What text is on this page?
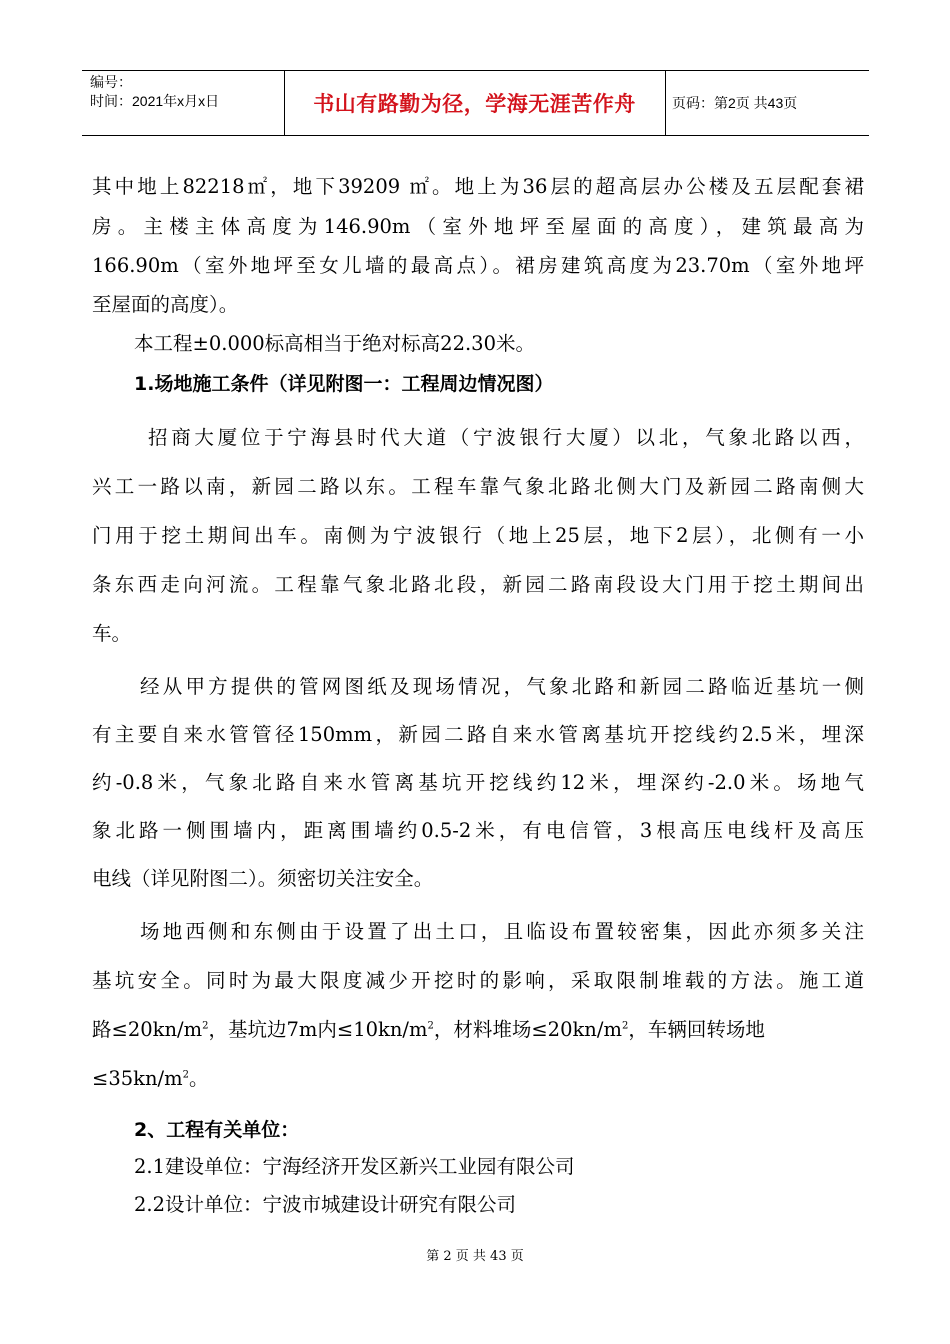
编号：
时间：2021年x月x日	书山有路勤为径，学海无涯苦作舟	页码：第2页 共43页
其中地上82218㎡，地下39209 ㎡。地上为36层的超高层办公楼及五层配套裙
房。主楼主体高度为146.90m（室外地坪至屋面的高度），建筑最高为
166.90m（室外地坪至女儿墙的最高点）。裙房建筑高度为23.70m（室外地坪
至屋面的高度）。
本工程±0.000标高相当于绝对标高22.30米。
1.场地施工条件（详见附图一：工程周边情况图）
招商大厦位于宁海县时代大道（宁波银行大厦）以北，气象北路以西，
兴工一路以南，新园二路以东。工程车靠气象北路北侧大门及新园二路南侧大
门用于挖土期间出车。南侧为宁波银行（地上25层，地下2层），北侧有一小
条东西走向河流。工程靠气象北路北段，新园二路南段设大门用于挖土期间出
车。
经从甲方提供的管网图纸及现场情况，气象北路和新园二路临近基坑一侧
有主要自来水管管径150mm，新园二路自来水管离基坑开挖线约2.5米，埋深
约-0.8米，气象北路自来水管离基坑开挖线约12米，埋深约-2.0米。场地气
象北路一侧围墙内，距离围墙约0.5-2米，有电信管，3根高压电线杆及高压
电线（详见附图二）。须密切关注安全。
场地西侧和东侧由于设置了出土口，且临设布置较密集，因此亦须多关注
基坑安全。同时为最大限度减少开挖时的影响，采取限制堆载的方法。施工道
路$\le 20kn/m^2$，基坑边7m内$\le 10kn/m^2$，材料堆场$\le 20kn/m^2$，车辆回转场地
$\le 35kn/m^2$。
2、工程有关单位：
2.1建设单位：宁海经济开发区新兴工业园有限公司
2.2设计单位：宁波市城建设计研究有限公司
第 2 页 共 43 页
